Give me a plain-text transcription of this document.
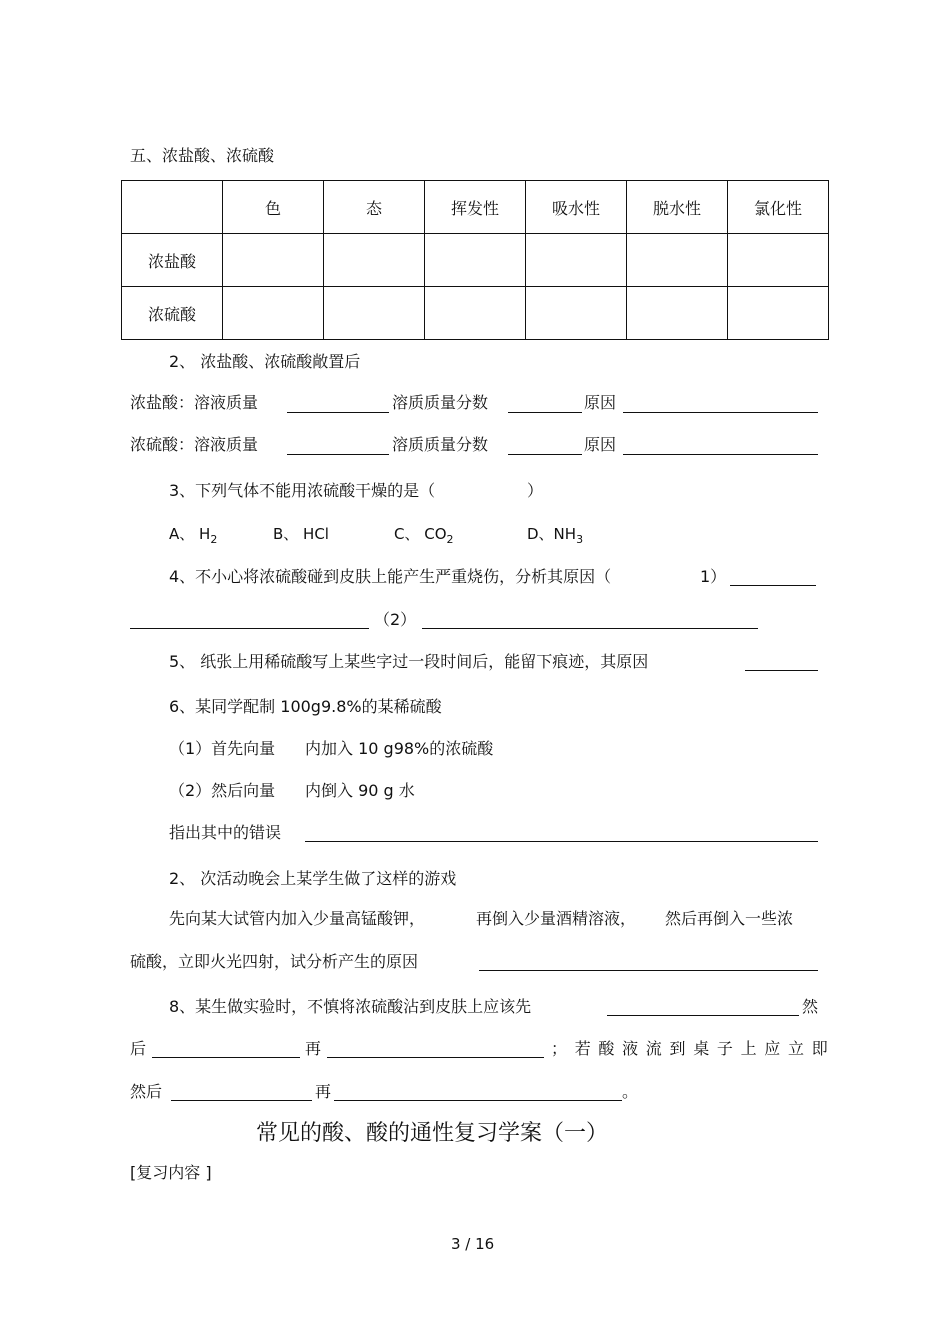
五、浓盐酸、浓硫酸
	色	态	挥发性	吸水性	脱水性	氯化性
浓盐酸						
浓硫酸						
2、 浓盐酸、浓硫酸敞置后
浓盐酸：溶液质量	溶质质量分数	原因
浓硫酸：溶液质量	溶质质量分数	原因
3、下列气体不能用浓硫酸干燥的是（	）
A、 $H_2$	B、 HCl	C、 $CO_2$	D、$NH_3$
4、不小心将浓硫酸碰到皮肤上能产生严重烧伤，分析其原因（	1）
（2）
5、 纸张上用稀硫酸写上某些字过一段时间后，能留下痕迹，其原因
6、某同学配制 100g9.8%的某稀硫酸
（1）首先向量 内加入 10 g98%的浓硫酸
（2）然后向量 内倒入 90 g 水
指出其中的错误
2、 次活动晚会上某学生做了这样的游戏
先向某大试管内加入少量高锰酸钾，	再倒入少量酒精溶液， 然后再倒入一些浓
硫酸，立即火光四射，试分析产生的原因
8、某生做实验时，不慎将浓硫酸沾到皮肤上应该先	然
后	再	；若酸液流到桌子上应立即
然后	再	。
常见的酸、酸的通性复习学案（一）
[复习内容 ]
3 / 16
